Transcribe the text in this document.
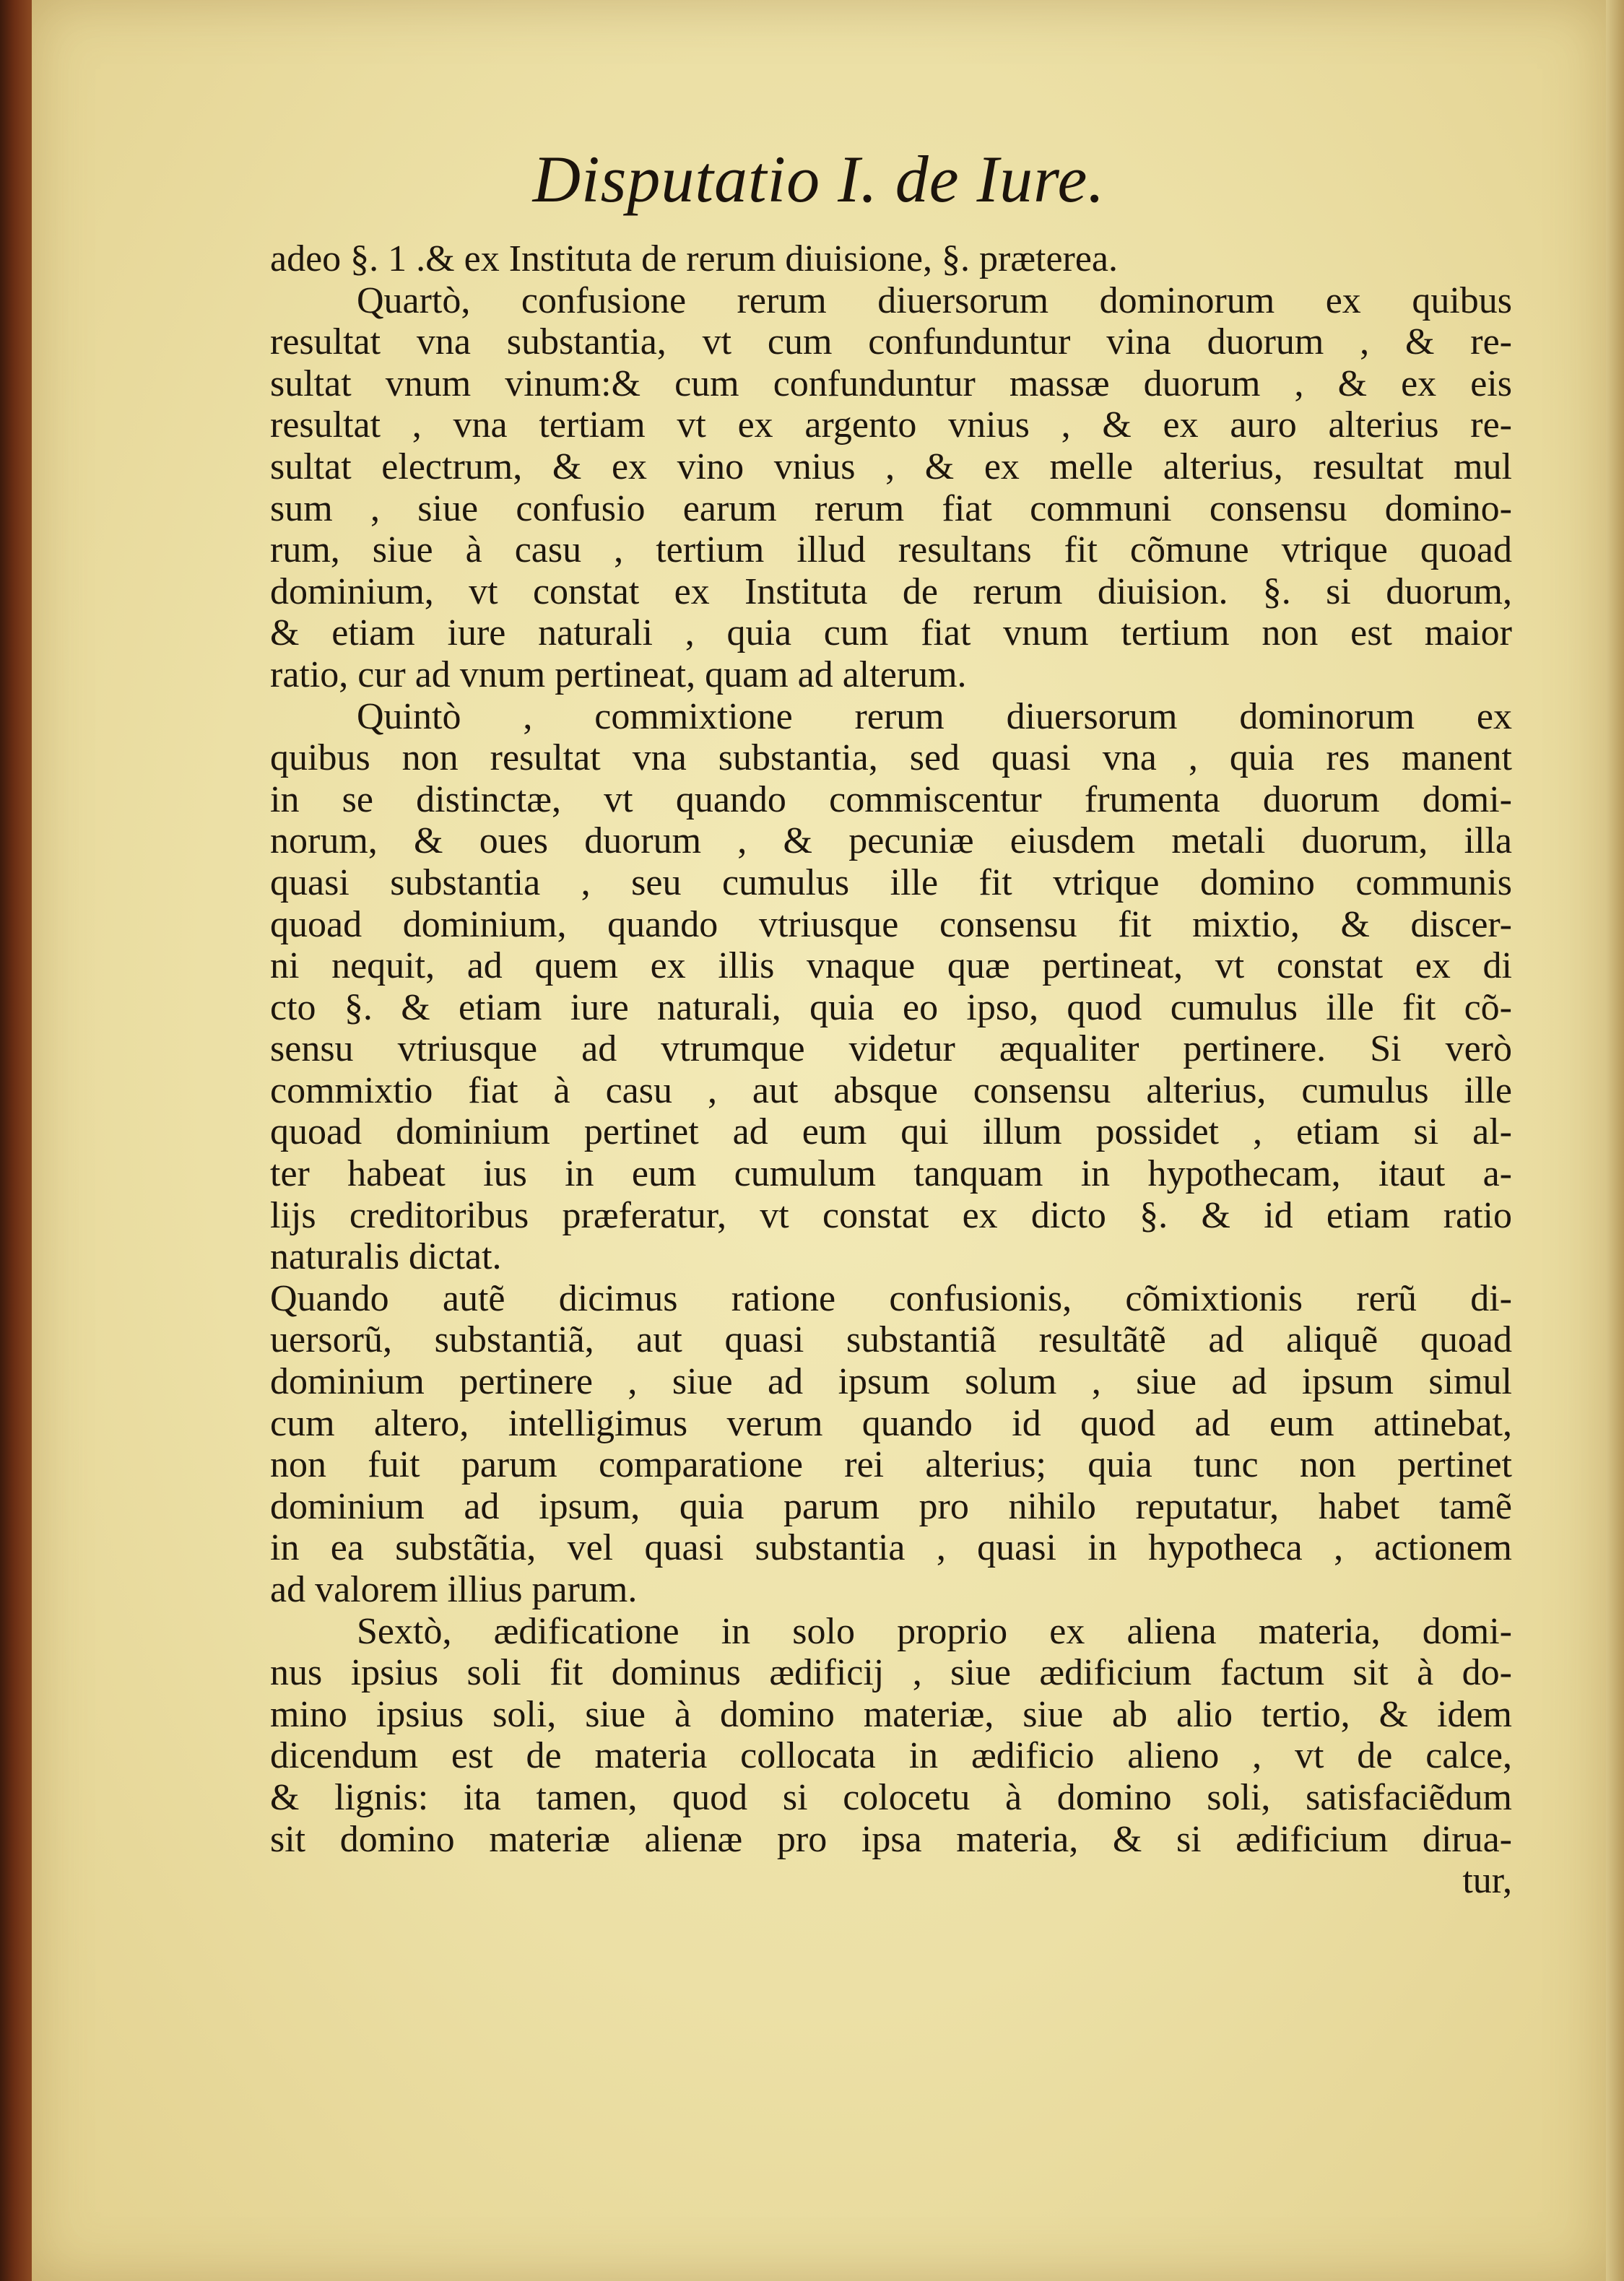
Disputatio I. de Iure.
adeo §. 1 .& ex Instituta de rerum diuisione, §. præterea.
Quartò, confusione rerum diuersorum dominorum ex quibus
resultat vna substantia, vt cum confunduntur vina duorum , & re-
sultat vnum vinum:& cum confunduntur massæ duorum , & ex eis
resultat , vna tertiam vt ex argento vnius , & ex auro alterius re-
sultat electrum, & ex vino vnius , & ex melle alterius, resultat mul
sum , siue confusio earum rerum fiat communi consensu domino-
rum, siue à casu , tertium illud resultans fit cõmune vtrique quoad
dominium, vt constat ex Instituta de rerum diuision. §. si duorum,
& etiam iure naturali , quia cum fiat vnum tertium non est maior
ratio, cur ad vnum pertineat, quam ad alterum.
Quintò , commixtione rerum diuersorum dominorum ex
quibus non resultat vna substantia, sed quasi vna , quia res manent
in se distinctæ, vt quando commiscentur frumenta duorum domi-
norum, & oues duorum , & pecuniæ eiusdem metali duorum, illa
quasi substantia , seu cumulus ille fit vtrique domino communis
quoad dominium, quando vtriusque consensu fit mixtio, & discer-
ni nequit, ad quem ex illis vnaque quæ pertineat, vt constat ex di
cto §. & etiam iure naturali, quia eo ipso, quod cumulus ille fit cõ-
sensu vtriusque ad vtrumque videtur æqualiter pertinere. Si verò
commixtio fiat à casu , aut absque consensu alterius, cumulus ille
quoad dominium pertinet ad eum qui illum possidet , etiam si al-
ter habeat ius in eum cumulum tanquam in hypothecam, itaut a-
lijs creditoribus præferatur, vt constat ex dicto §. & id etiam ratio
naturalis dictat.
Quando autẽ dicimus ratione confusionis, cõmixtionis rerũ di-
uersorũ, substantiã, aut quasi substantiã resultãtẽ ad aliquẽ quoad
dominium pertinere , siue ad ipsum solum , siue ad ipsum simul
cum altero, intelligimus verum quando id quod ad eum attinebat,
non fuit parum comparatione rei alterius; quia tunc non pertinet
dominium ad ipsum, quia parum pro nihilo reputatur, habet tamẽ
in ea substãtia, vel quasi substantia , quasi in hypotheca , actionem
ad valorem illius parum.
Sextò, ædificatione in solo proprio ex aliena materia, domi-
nus ipsius soli fit dominus ædificij , siue ædificium factum sit à do-
mino ipsius soli, siue à domino materiæ, siue ab alio tertio, & idem
dicendum est de materia collocata in ædificio alieno , vt de calce,
& lignis: ita tamen, quod si colocetu à domino soli, satisfaciẽdum
sit domino materiæ alienæ pro ipsa materia, & si ædificium diruа-
tur,
